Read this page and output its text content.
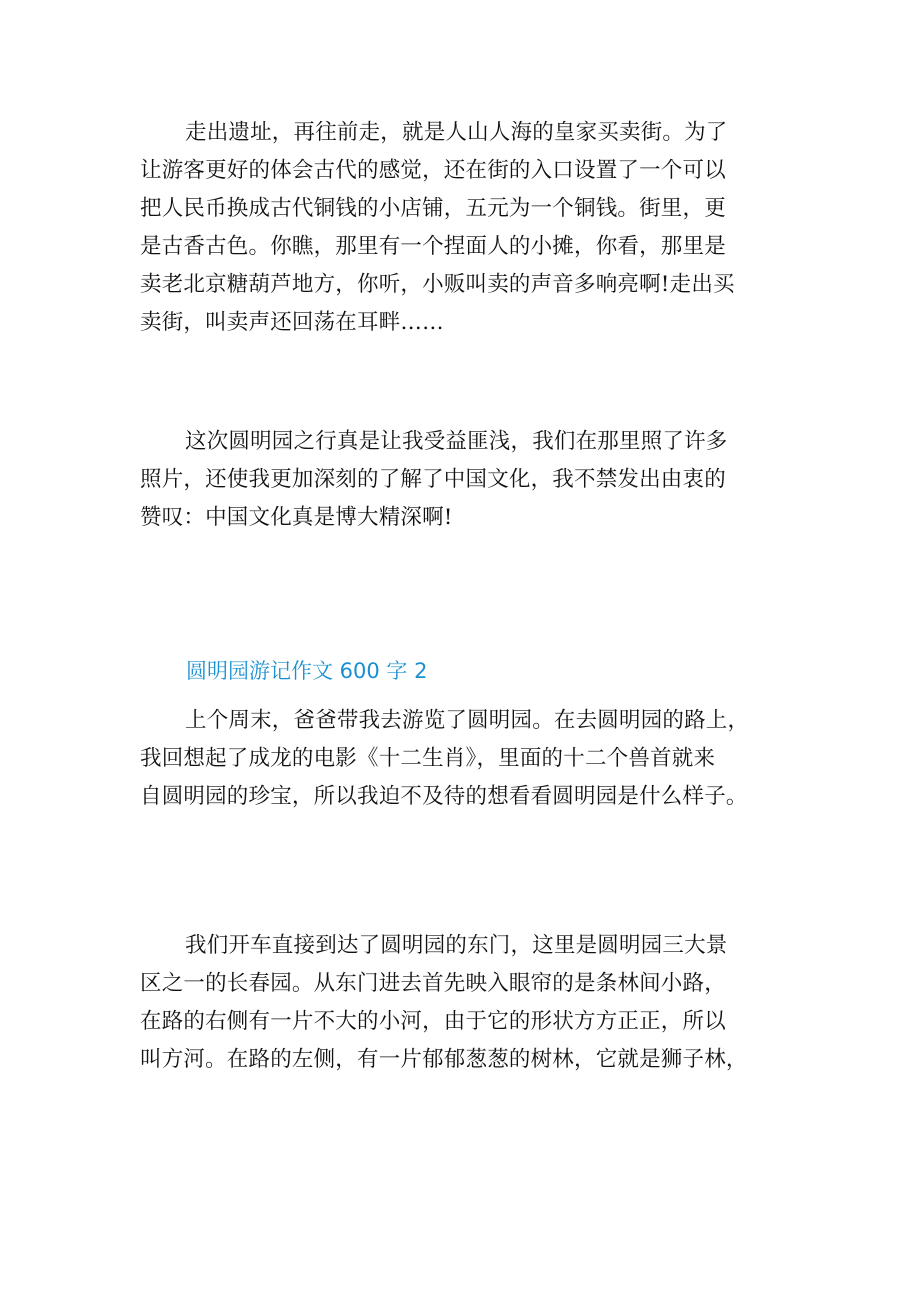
走出遗址，再往前走，就是人山人海的皇家买卖街。为了
让游客更好的体会古代的感觉，还在街的入口设置了一个可以
把人民币换成古代铜钱的小店铺，五元为一个铜钱。街里，更
是古香古色。你瞧，那里有一个捏面人的小摊，你看，那里是
卖老北京糖葫芦地方，你听，小贩叫卖的声音多响亮啊!走出买
卖街，叫卖声还回荡在耳畔……
这次圆明园之行真是让我受益匪浅，我们在那里照了许多
照片，还使我更加深刻的了解了中国文化，我不禁发出由衷的
赞叹：中国文化真是博大精深啊!
圆明园游记作文 600 字 2
上个周末，爸爸带我去游览了圆明园。在去圆明园的路上，
我回想起了成龙的电影《十二生肖》，里面的十二个兽首就来
自圆明园的珍宝，所以我迫不及待的想看看圆明园是什么样子。
我们开车直接到达了圆明园的东门，这里是圆明园三大景
区之一的长春园。从东门进去首先映入眼帘的是条林间小路，
在路的右侧有一片不大的小河，由于它的形状方方正正，所以
叫方河。在路的左侧，有一片郁郁葱葱的树林，它就是狮子林，
